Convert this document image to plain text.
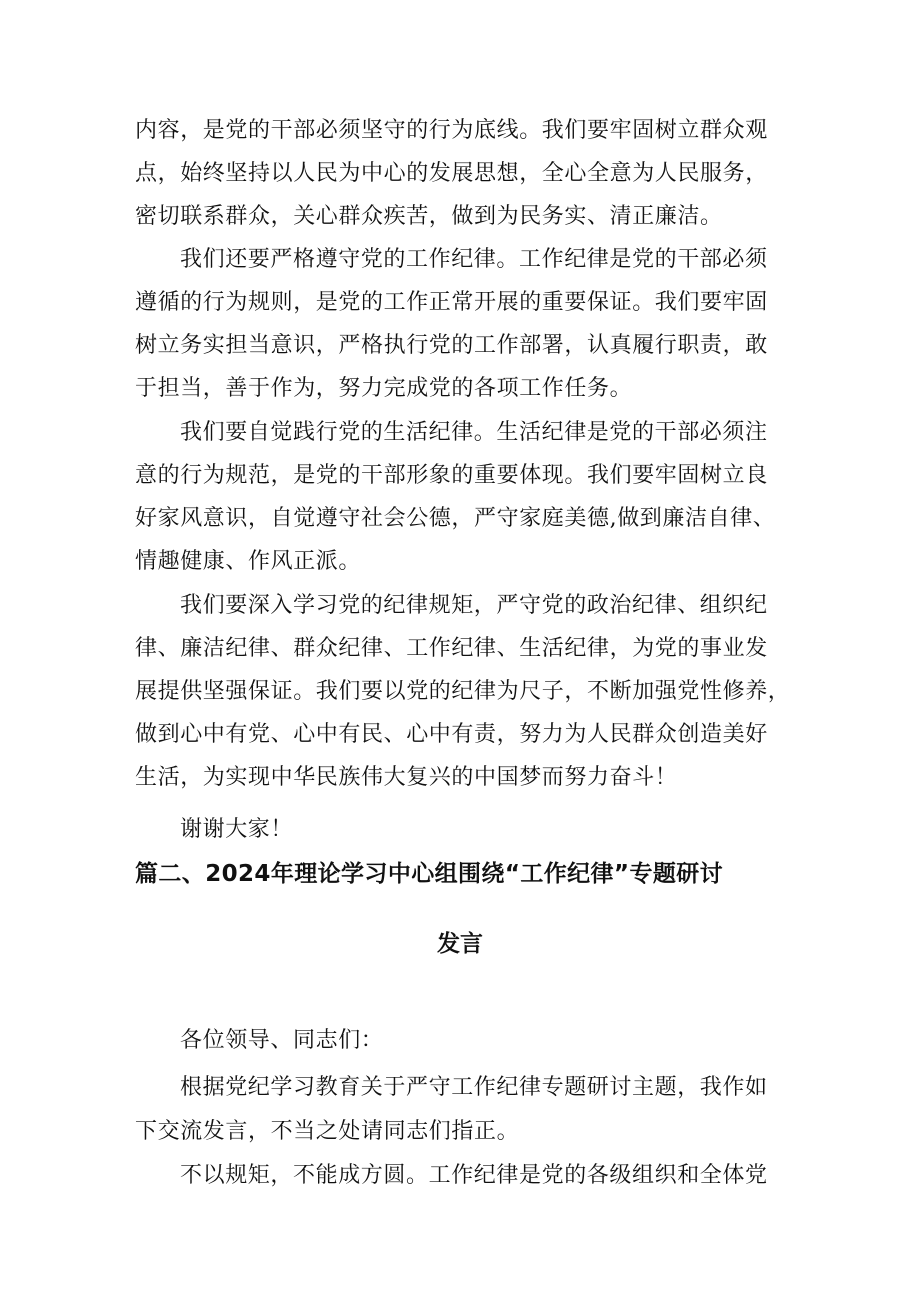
内容，是党的干部必须坚守的行为底线。我们要牢固树立群众观
点，始终坚持以人民为中心的发展思想，全心全意为人民服务，
密切联系群众，关心群众疾苦，做到为民务实、清正廉洁。
我们还要严格遵守党的工作纪律。工作纪律是党的干部必须
遵循的行为规则，是党的工作正常开展的重要保证。我们要牢固
树立务实担当意识，严格执行党的工作部署，认真履行职责，敢
于担当，善于作为，努力完成党的各项工作任务。
我们要自觉践行党的生活纪律。生活纪律是党的干部必须注
意的行为规范，是党的干部形象的重要体现。我们要牢固树立良
好家风意识，自觉遵守社会公德，严守家庭美德,做到廉洁自律、
情趣健康、作风正派。
我们要深入学习党的纪律规矩，严守党的政治纪律、组织纪
律、廉洁纪律、群众纪律、工作纪律、生活纪律，为党的事业发
展提供坚强保证。我们要以党的纪律为尺子，不断加强党性修养，
做到心中有党、心中有民、心中有责，努力为人民群众创造美好
生活，为实现中华民族伟大复兴的中国梦而努力奋斗！
谢谢大家！
篇二、2024年理论学习中心组围绕“工作纪律”专题研讨
发言
各位领导、同志们：
根据党纪学习教育关于严守工作纪律专题研讨主题，我作如
下交流发言，不当之处请同志们指正。
不以规矩，不能成方圆。工作纪律是党的各级组织和全体党
